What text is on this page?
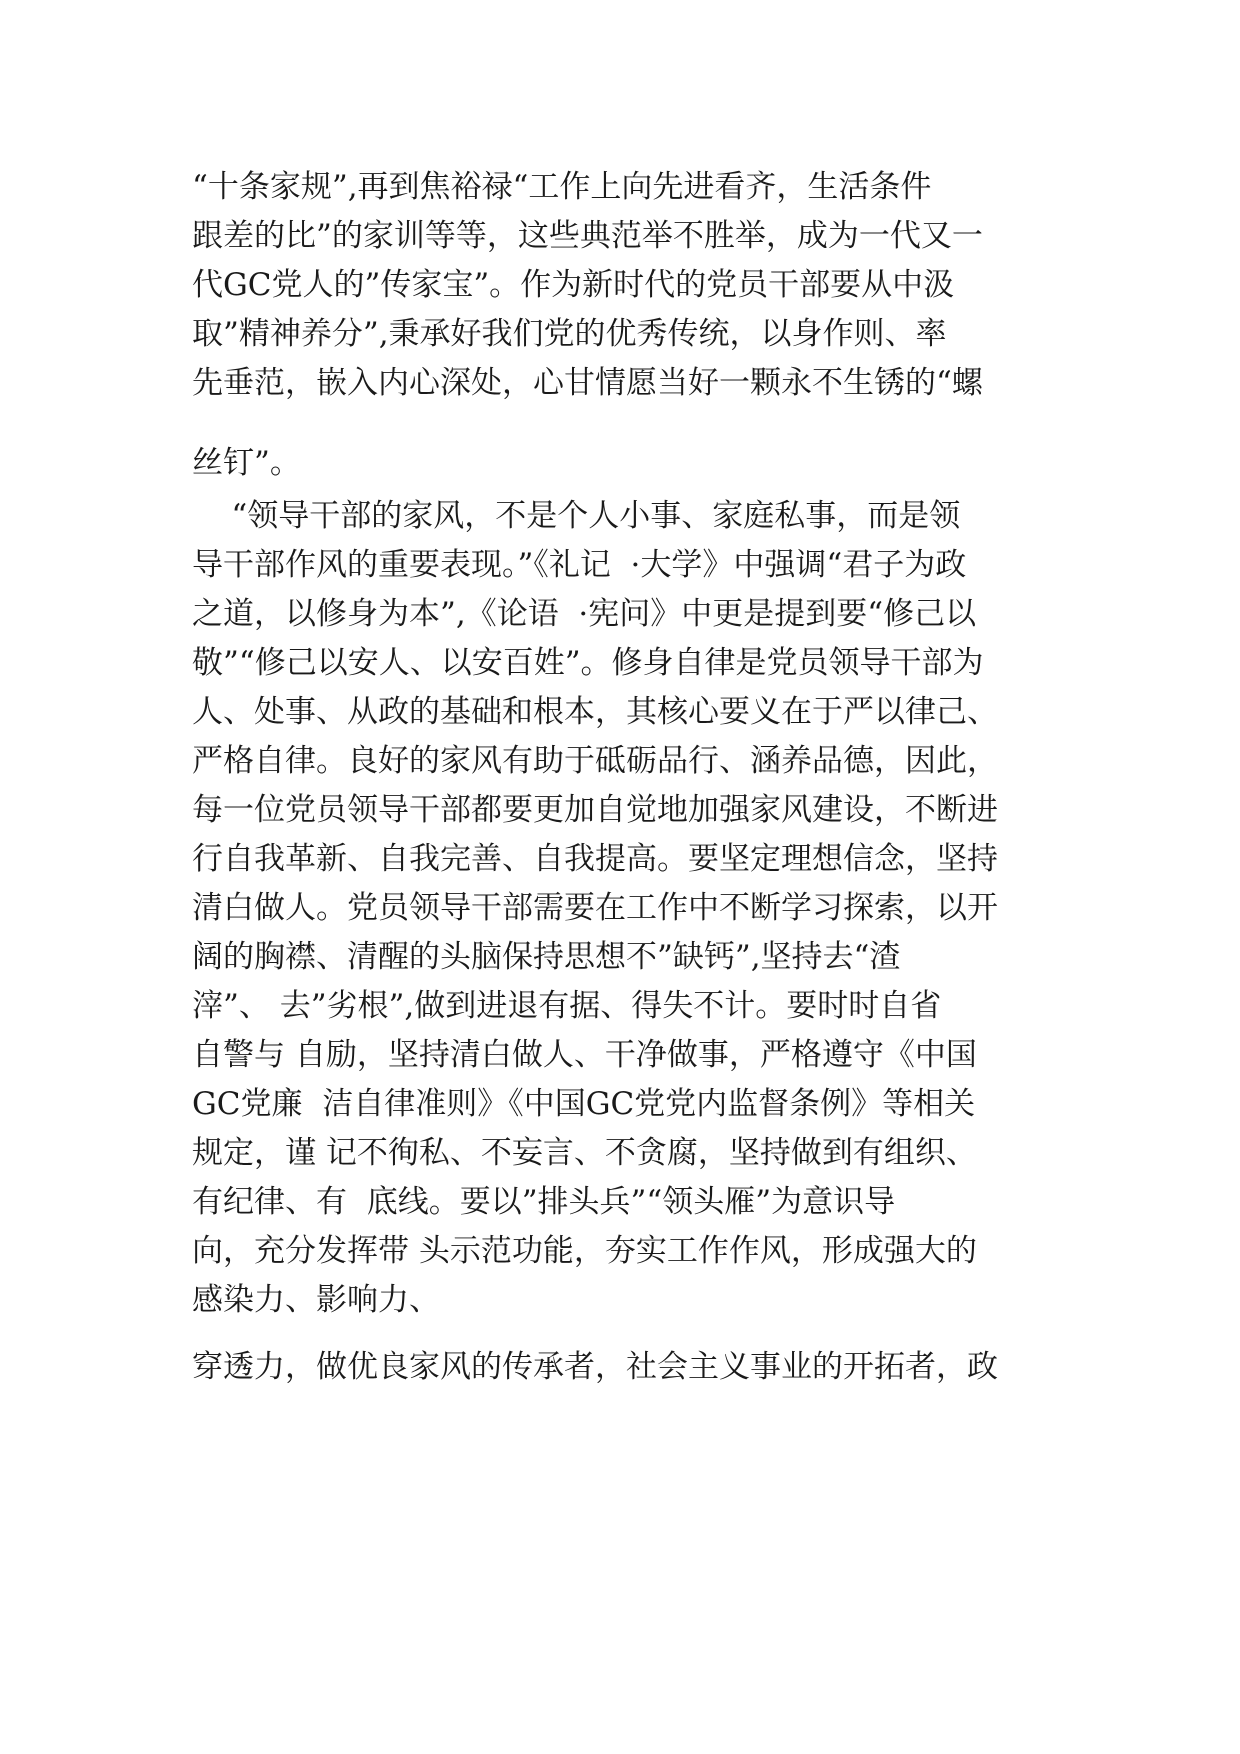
“十条家规”,再到焦裕禄“工作上向先进看齐，生活条件
跟差的比”的家训等等，这些典范举不胜举，成为一代又一
代GC党人的”传家宝”。作为新时代的党员干部要从中汲
取”精神养分”,秉承好我们党的优秀传统，以身作则、率
先垂范，嵌入内心深处，心甘情愿当好一颗永不生锈的“螺
丝钉”。
“领导干部的家风，不是个人小事、家庭私事，而是领
导干部作风的重要表现。”《礼记  ·大学》中强调“君子为政
之道，以修身为本”,《论语  ·宪问》中更是提到要“修己以
敬”“修己以安人、以安百姓”。修身自律是党员领导干部为
人、处事、从政的基础和根本，其核心要义在于严以律己、
严格自律。良好的家风有助于砥砺品行、涵养品德，因此，
每一位党员领导干部都要更加自觉地加强家风建设，不断进
行自我革新、自我完善、自我提高。要坚定理想信念，坚持
清白做人。党员领导干部需要在工作中不断学习探索，以开
阔的胸襟、清醒的头脑保持思想不”缺钙”,坚持去“渣
滓”、 去”劣根”,做到进退有据、得失不计。要时时自省
自警与 自励，坚持清白做人、干净做事，严格遵守《中国
GC党廉  洁自律准则》《中国GC党党内监督条例》等相关
规定，谨 记不徇私、不妄言、不贪腐，坚持做到有组织、
有纪律、有  底线。要以”排头兵”“领头雁”为意识导
向，充分发挥带 头示范功能，夯实工作作风，形成强大的
感染力、影响力、
穿透力，做优良家风的传承者，社会主义事业的开拓者，政
